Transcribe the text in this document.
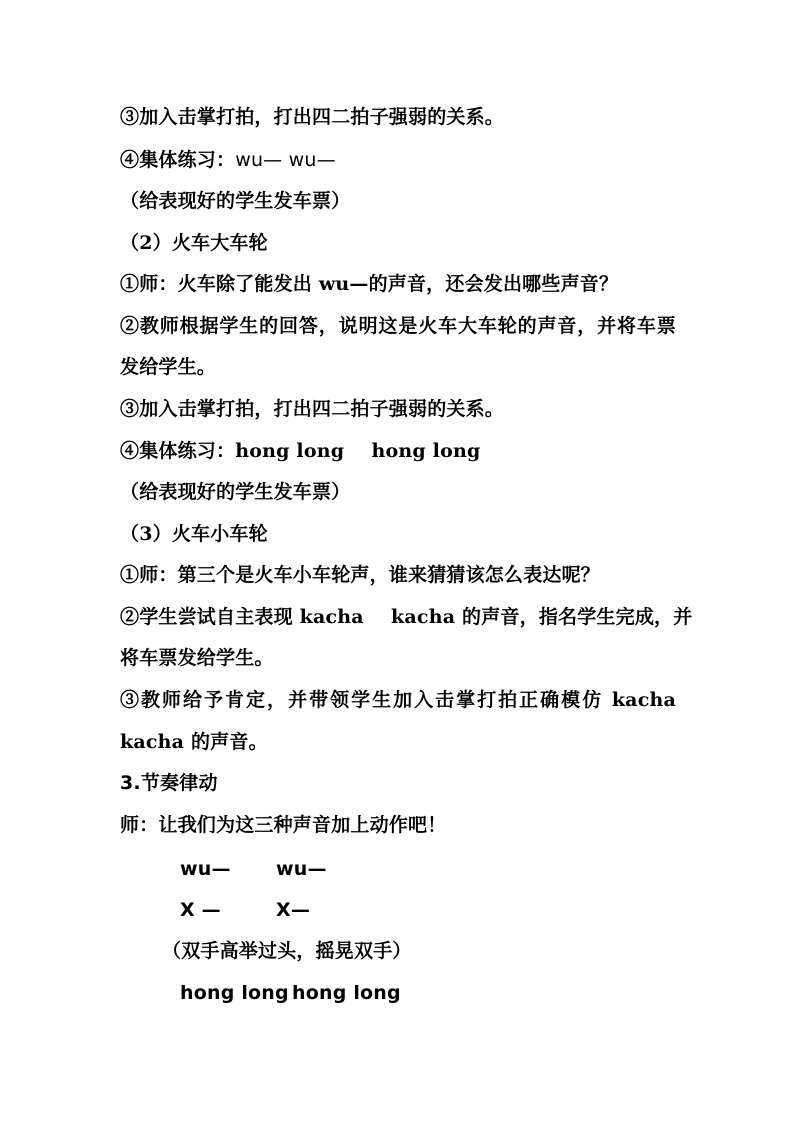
③加入击掌打拍，打出四二拍子强弱的关系。
④集体练习：wu— wu—
（给表现好的学生发车票）
（2）火车大车轮
①师：火车除了能发出 wu—的声音，还会发出哪些声音？
②教师根据学生的回答，说明这是火车大车轮的声音，并将车票
发给学生。
③加入击掌打拍，打出四二拍子强弱的关系。
④集体练习：hong long    hong long
（给表现好的学生发车票）
（3）火车小车轮
①师：第三个是火车小车轮声，谁来猜猜该怎么表达呢？
②学生尝试自主表现 kacha    kacha 的声音，指名学生完成，并
将车票发给学生。
③教师给予肯定，并带领学生加入击掌打拍正确模仿 kacha
kacha 的声音。
3.节奏律动
师：让我们为这三种声音加上动作吧！
wu— wu—
X —	X—
（双手高举过头，摇晃双手）
hong long hong long
